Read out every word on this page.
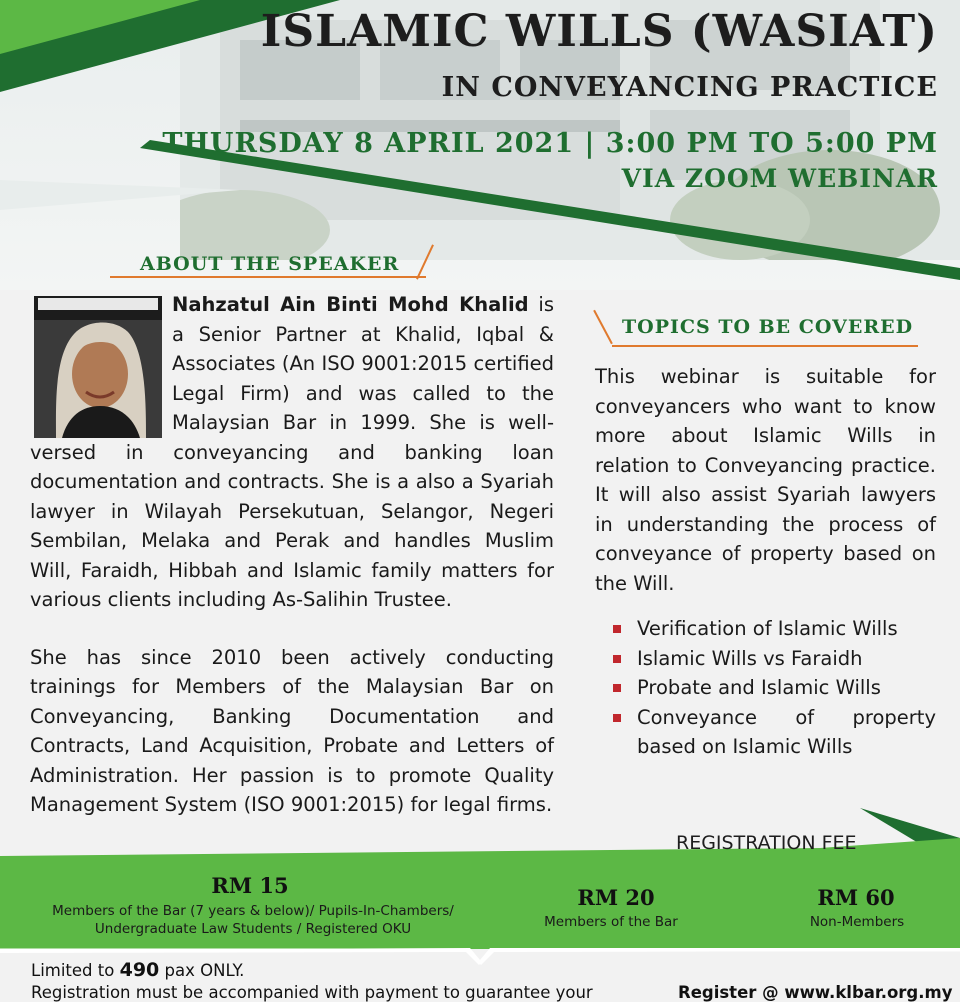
ISLAMIC WILLS (WASIAT)
IN CONVEYANCING PRACTICE
THURSDAY 8 APRIL 2021 | 3:00 PM TO 5:00 PM
VIA ZOOM WEBINAR
ABOUT THE SPEAKER

Nahzatul Ain Binti Mohd Khalid is a Senior Partner at Khalid, Iqbal & Associates (An ISO 9001:2015 certified Legal Firm) and was called to the Malaysian Bar in 1999. She is well-versed in conveyancing and banking loan documentation and contracts. She is a also a Syariah lawyer in Wilayah Persekutuan, Selangor, Negeri Sembilan, Melaka and Perak and handles Muslim Will, Faraidh, Hibbah and Islamic family matters for various clients including As-Salihin Trustee.

She has since 2010 been actively conducting trainings for Members of the Malaysian Bar on Conveyancing, Banking Documentation and Contracts, Land Acquisition, Probate and Letters of Administration. Her passion is to promote Quality Management System (ISO 9001:2015) for legal firms.

TOPICS TO BE COVERED

This webinar is suitable for conveyancers who want to know more about Islamic Wills in relation to Conveyancing practice. It will also assist Syariah lawyers in understanding the process of conveyance of property based on the Will.

Verification of Islamic Wills
Islamic Wills vs Faraidh
Probate and Islamic Wills
Conveyance of property based on Islamic Wills
REGISTRATION FEE
RM 15
Members of the Bar (7 years & below)/ Pupils-In-Chambers/
Undergraduate Law Students / Registered OKU
RM 20
Members of the Bar
RM 60
Non-Members
Limited to 490 pax ONLY.
Registration must be accompanied with payment to guarantee your	Register @ www.klbar.org.my
